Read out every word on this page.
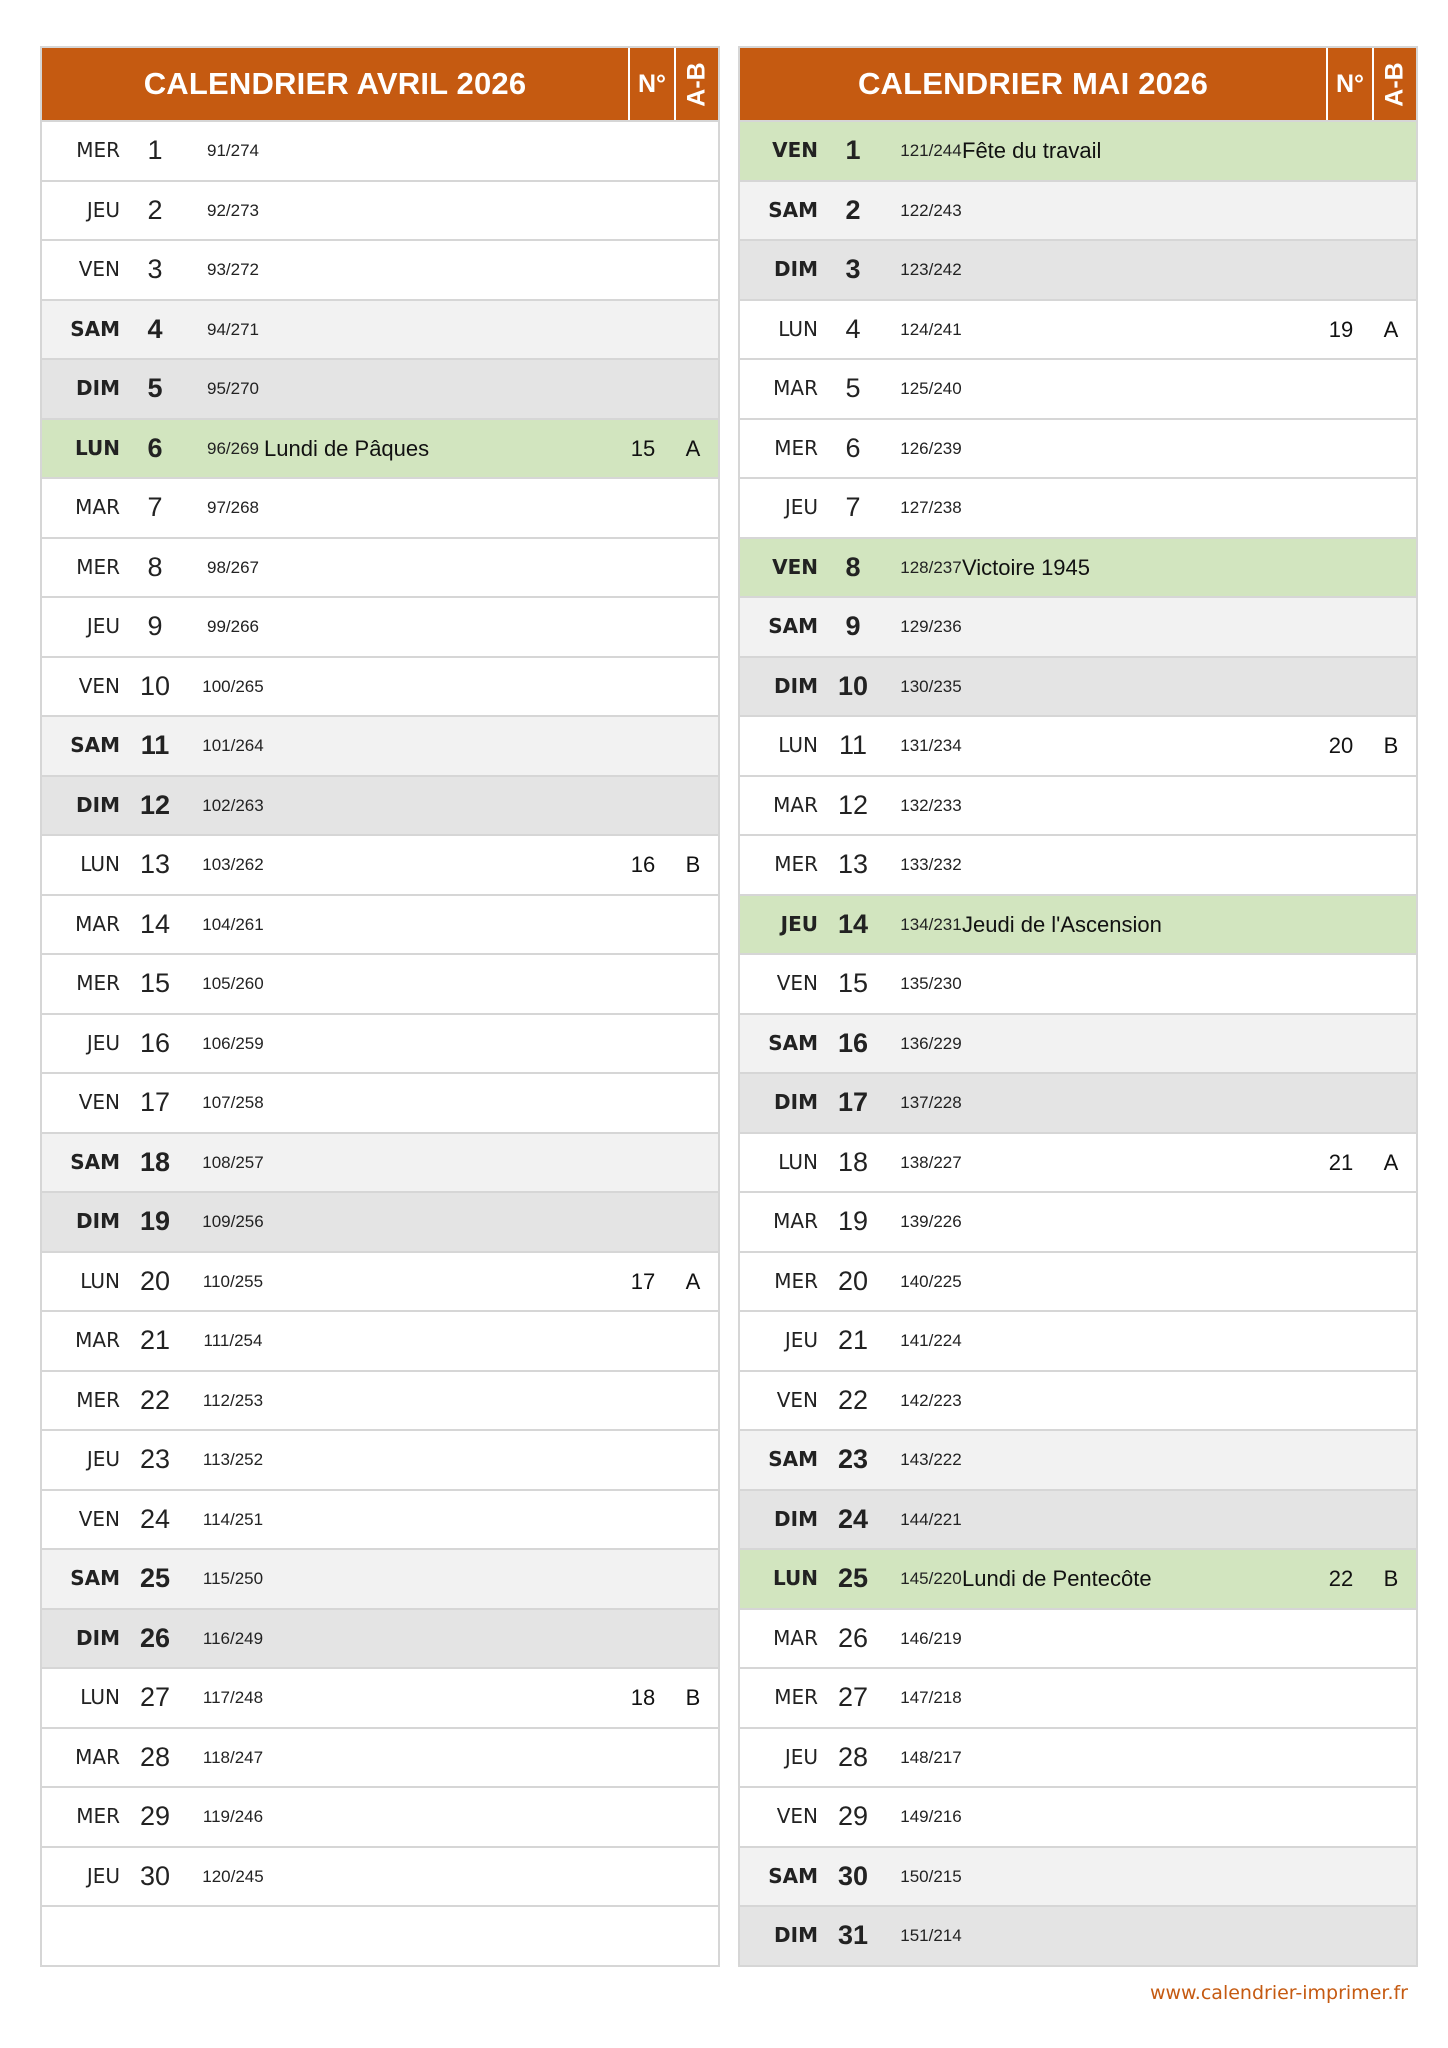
CALENDRIER AVRIL 2026	N° A-B
MER	1	91/274
JEU	2	92/273
VEN	3	93/272
SAM	4	94/271
DIM	5	95/270
LUN	6	96/269 Lundi de Pâques	15	A
MAR	7	97/268
MER	8	98/267
JEU	9	99/266
VEN 10	100/265
SAM 11	101/264
DIM 12	102/263
LUN 13	103/262	16	B
MAR 14	104/261
MER 15	105/260
JEU 16	106/259
VEN 17	107/258
SAM 18	108/257
DIM 19	109/256
LUN 20	110/255	17	A
MAR 21	111/254
MER 22	112/253
JEU 23	113/252
VEN 24	114/251
SAM 25	115/250
DIM 26	116/249
LUN 27	117/248	18	B
MAR 28	118/247
MER 29	119/246
JEU 30	120/245
CALENDRIER MAI 2026	N° A-B
VEN	1	121/244 Fête du travail
SAM	2	122/243
DIM	3	123/242
LUN	4	124/241	19	A
MAR	5	125/240
MER	6	126/239
JEU	7	127/238
VEN	8	128/237 Victoire 1945
SAM	9	129/236
DIM 10	130/235
LUN 11	131/234	20	B
MAR 12	132/233
MER 13	133/232
JEU 14	134/231 Jeudi de l'Ascension
VEN 15	135/230
SAM 16	136/229
DIM 17	137/228
LUN 18	138/227	21	A
MAR 19	139/226
MER 20	140/225
JEU 21	141/224
VEN 22	142/223
SAM 23	143/222
DIM 24	144/221
LUN 25	145/220 Lundi de Pentecôte	22	B
MAR 26	146/219
MER 27	147/218
JEU 28	148/217
VEN 29	149/216
SAM 30	150/215
DIM 31	151/214
www.calendrier-imprimer.fr
